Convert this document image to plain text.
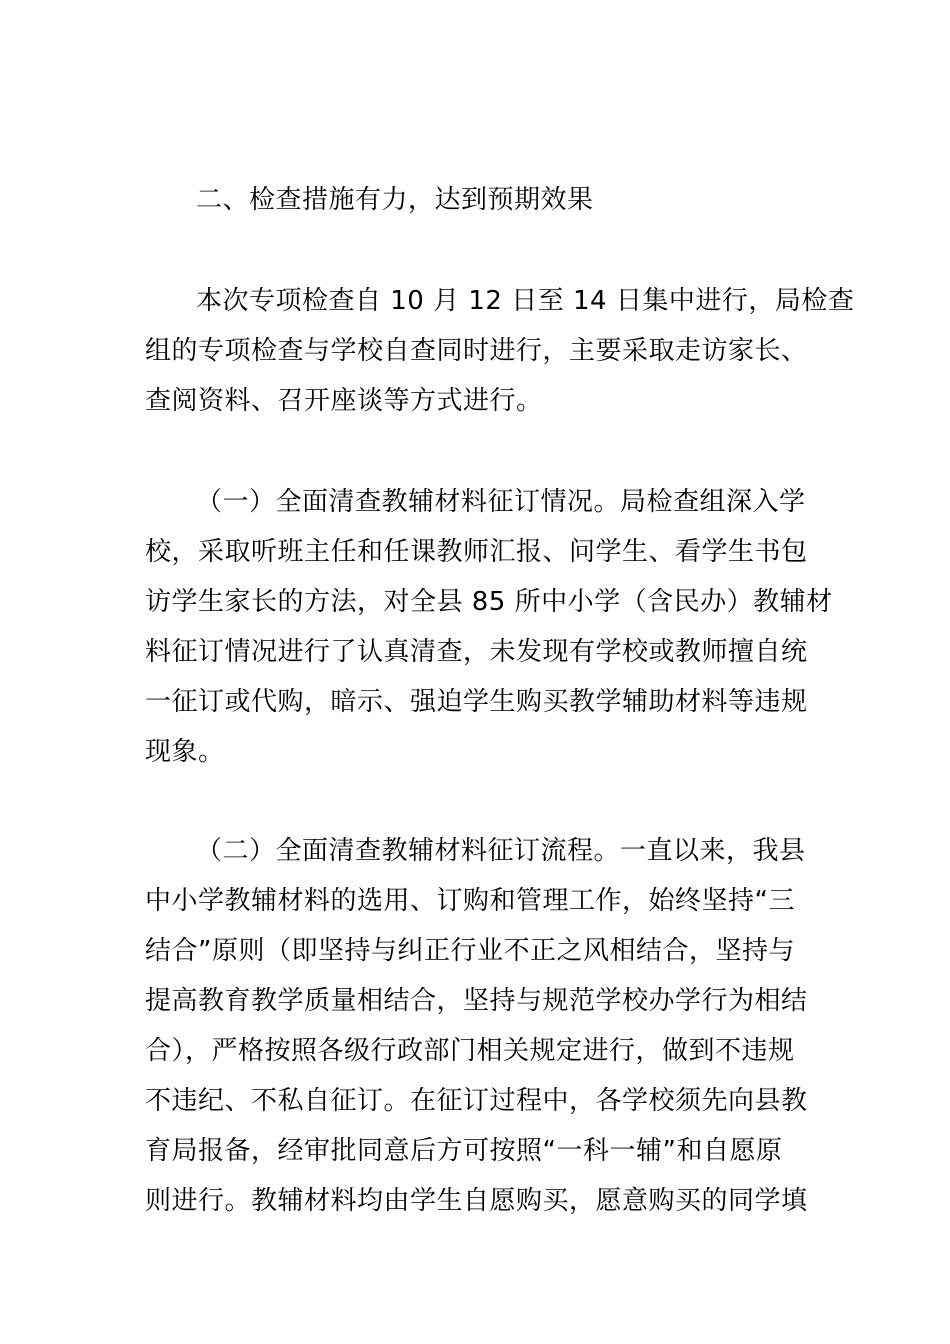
二、检查措施有力，达到预期效果
本次专项检查自 10 月 12 日至 14 日集中进行，局检查
组的专项检查与学校自查同时进行，主要采取走访家长、
查阅资料、召开座谈等方式进行。
（一）全面清查教辅材料征订情况。局检查组深入学
校，采取听班主任和任课教师汇报、问学生、看学生书包
访学生家长的方法，对全县 85 所中小学（含民办）教辅材
料征订情况进行了认真清查，未发现有学校或教师擅自统
一征订或代购，暗示、强迫学生购买教学辅助材料等违规
现象。
（二）全面清查教辅材料征订流程。一直以来，我县
中小学教辅材料的选用、订购和管理工作，始终坚持“三
结合”原则（即坚持与纠正行业不正之风相结合，坚持与
提高教育教学质量相结合，坚持与规范学校办学行为相结
合），严格按照各级行政部门相关规定进行，做到不违规
不违纪、不私自征订。在征订过程中，各学校须先向县教
育局报备，经审批同意后方可按照“一科一辅”和自愿原
则进行。教辅材料均由学生自愿购买，愿意购买的同学填
